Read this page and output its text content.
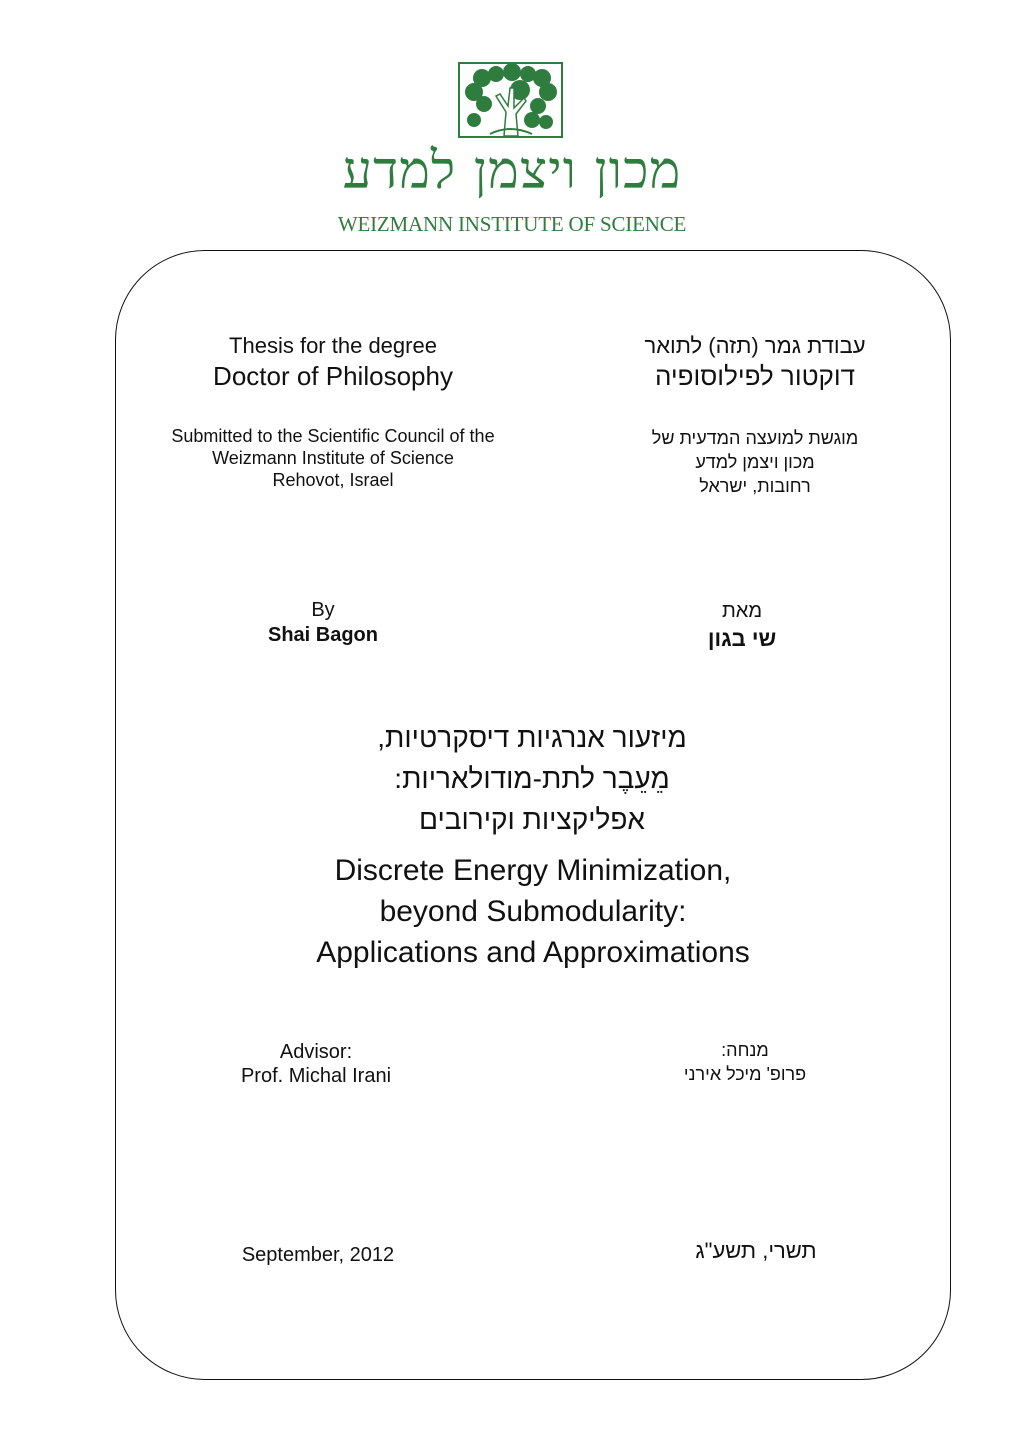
מכון ויצמן למדע
WEIZMANN INSTITUTE OF SCIENCE
Thesis for the degree
Doctor of Philosophy
עבודת גמר (תזה) לתואר
דוקטור לפילוסופיה
Submitted to the Scientific Council of the
Weizmann Institute of Science
Rehovot, Israel
מוגשת למועצה המדעית של
מכון ויצמן למדע
רחובות, ישראל
By
Shai Bagon
מאת
שי בגון
מיזעור אנרגיות דיסקרטיות,
מֵעֵבֶר לתת-מודולאריות:
אפליקציות וקירובים
Discrete Energy Minimization,
beyond Submodularity:
Applications and Approximations
Advisor:
Prof. Michal Irani
מנחה:
פרופ' מיכל אירני
September, 2012	תשרי, תשע"ג
